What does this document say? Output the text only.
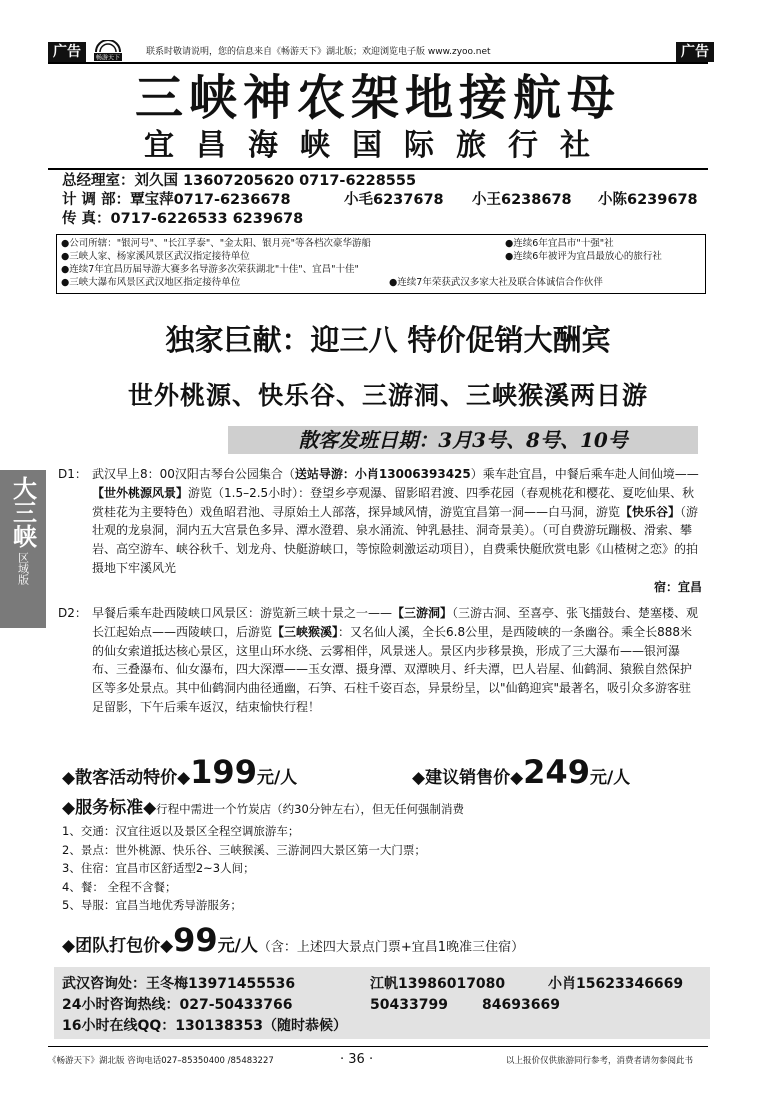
广告	畅游天下
联系时敬请说明，您的信息来自《畅游天下》湖北版；欢迎浏览电子版 www.zyoo.net	广告
三峡神农架地接航母
宜昌海峡国际旅行社
总经理室：刘久国 13607205620 0717-6228555
计 调 部：覃宝萍0717-6236678	小毛6237678 小王6238678 小陈6239678
传 真：0717-6226533 6239678
●公司所辖："银河号"、"长江孚泰"、"金太阳、银月亮"等各档次豪华游船	●连续6年宜昌市"十强"社
●三峡人家、杨家溪风景区武汉指定接待单位	●连续6年被评为宜昌最放心的旅行社
●连续7年宜昌历届导游大赛多名导游多次荣获湖北"十佳"、宜昌"十佳"
●三峡大瀑布风景区武汉地区指定接待单位	●连续7年荣获武汉多家大社及联合体诚信合作伙伴
独家巨献：迎三八 特价促销大酬宾
世外桃源、快乐谷、三游洞、三峡猴溪两日游
散客发班日期：3月3号、8号、10号
D1： 武汉早上8：00汉阳古琴台公园集合（送站导游：小肖13006393425）乘车赴宜昌，中餐后乘车赴人间仙境——【世外桃源风景】游览（1.5–2.5小时）：登望乡亭观瀑、留影昭君渡、四季花园（春观桃花和樱花、夏吃仙果、秋赏桂花为主要特色）戏鱼昭君池、寻原始土人部落，探异域风情，游览宜昌第一洞——白马洞，游览【快乐谷】（游壮观的龙泉洞，洞内五大宫景色多异、潭水澄碧、泉水涌流、钟乳悬挂、洞奇景美）。（可自费游玩蹦极、滑索、攀岩、高空游车、峡谷秋千、划龙舟、快艇游峡口，等惊险刺激运动项目），自费乘快艇欣赏电影《山楂树之恋》的拍摄地下牢溪风光

宿：宜昌

D2： 早餐后乘车赴西陵峡口风景区：游览新三峡十景之一——【三游洞】（三游古洞、至喜亭、张飞擂鼓台、楚塞楼、观长江起始点——西陵峡口，后游览【三峡猴溪】：又名仙人溪，全长6.8公里，是西陵峡的一条幽谷。乘全长888米的仙女索道抵达核心景区，这里山环水绕、云雾相伴，风景迷人。景区内步移景换，形成了三大瀑布——银河瀑布、三叠瀑布、仙女瀑布，四大深潭——玉女潭、摄身潭、双潭映月、纤夫潭，巴人岩屋、仙鹤洞、猿猴自然保护区等多处景点。其中仙鹤洞内曲径通幽，石笋、石柱千姿百态，异景纷呈，以"仙鹤迎宾"最著名，吸引众多游客驻足留影，下午后乘车返汉，结束愉快行程！

◆散客活动特价◆199元/人	◆建议销售价◆249元/人
◆服务标准◆行程中需进一个竹炭店（约30分钟左右），但无任何强制消费
1、交通：汉宜往返以及景区全程空调旅游车；
2、景点：世外桃源、快乐谷、三峡猴溪、三游洞四大景区第一大门票；
3、住宿：宜昌市区舒适型2~3人间；
4、餐： 全程不含餐；
5、导服：宜昌当地优秀导游服务；
◆团队打包价◆99元/人（含：上述四大景点门票+宜昌1晚准三住宿）
武汉咨询处：王冬梅13971455536	江帆13986017080	小肖15623346669
24小时咨询热线：027-50433766	50433799 84693669
16小时在线QQ：130138353（随时恭候）
大三峡
区域版
《畅游天下》湖北版 咨询电话027–85350400 /85483227	· 36 ·	以上报价仅供旅游同行参考，消费者请勿参阅此书
